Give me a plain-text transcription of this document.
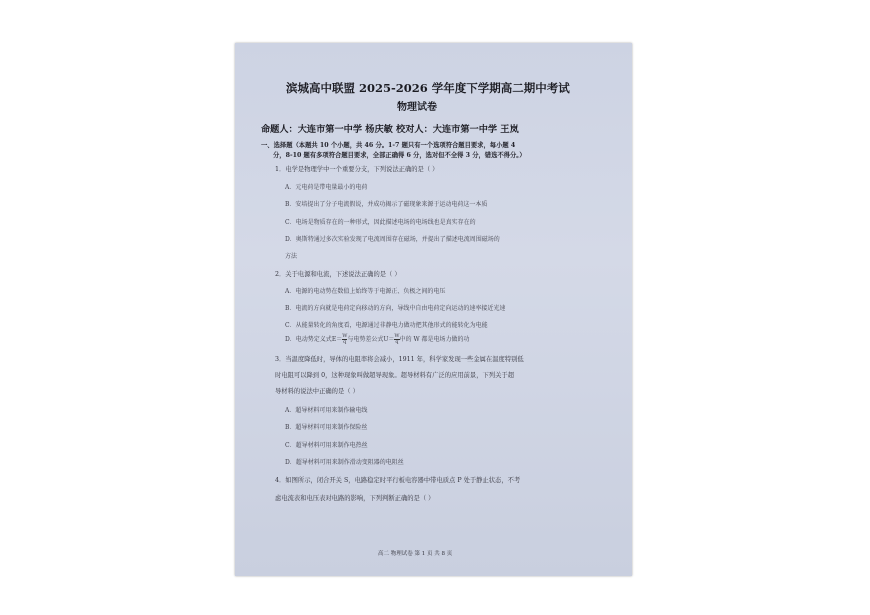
滨城高中联盟 2025-2026 学年度下学期高二期中考试
物理试卷
命题人：大连市第一中学 杨庆敏 校对人：大连市第一中学 王岚
一、选择题（本题共 10 个小题，共 46 分。1-7 题只有一个选项符合题目要求，每小题 4
分，8-10 题有多项符合题目要求，全部正确得 6 分，选对但不全得 3 分，错选不得分。）
1．电学是物理学中一个重要分支，下列说法正确的是（ ）
A．元电荷是带电量最小的电荷
B．安培提出了分子电流假说，并成功揭示了磁现象来源于运动电荷这一本质
C．电场是物质存在的一种形式，因此描述电场的电场线也是真实存在的
D．奥斯特通过多次实验发现了电流周围存在磁场，并提出了描述电流周围磁场的
方法
2．关于电源和电流，下述说法正确的是（ ）
A．电源的电动势在数值上始终等于电源正、负极之间的电压
B．电流的方向就是电荷定向移动的方向，导线中自由电荷定向运动的速率接近光速
C．从能量转化的角度看，电源通过非静电力做功把其他形式的能转化为电能
D．电动势定义式$E= \frac{W}{q}$ 与电势差公式$U= \frac{W}{q}$ 中的 W 都是电场力做的功
3．当温度降低时，导体的电阻率将会减小，1911 年，科学家发现一些金属在温度特别低
时电阻可以降到 0，这种现象叫做超导现象。超导材料有广泛的应用前景，下列关于超
导材料的说法中正确的是（ ）
A．超导材料可用来制作输电线
B．超导材料可用来制作保险丝
C．超导材料可用来制作电热丝
D．超导材料可用来制作滑动变阻器的电阻丝
4．如图所示，闭合开关 S，电路稳定时平行板电容器中带电质点 P 处于静止状态，不考
虑电流表和电压表对电路的影响，下列判断正确的是（ ）
高二 物理试卷 第 1 页 共 8 页
